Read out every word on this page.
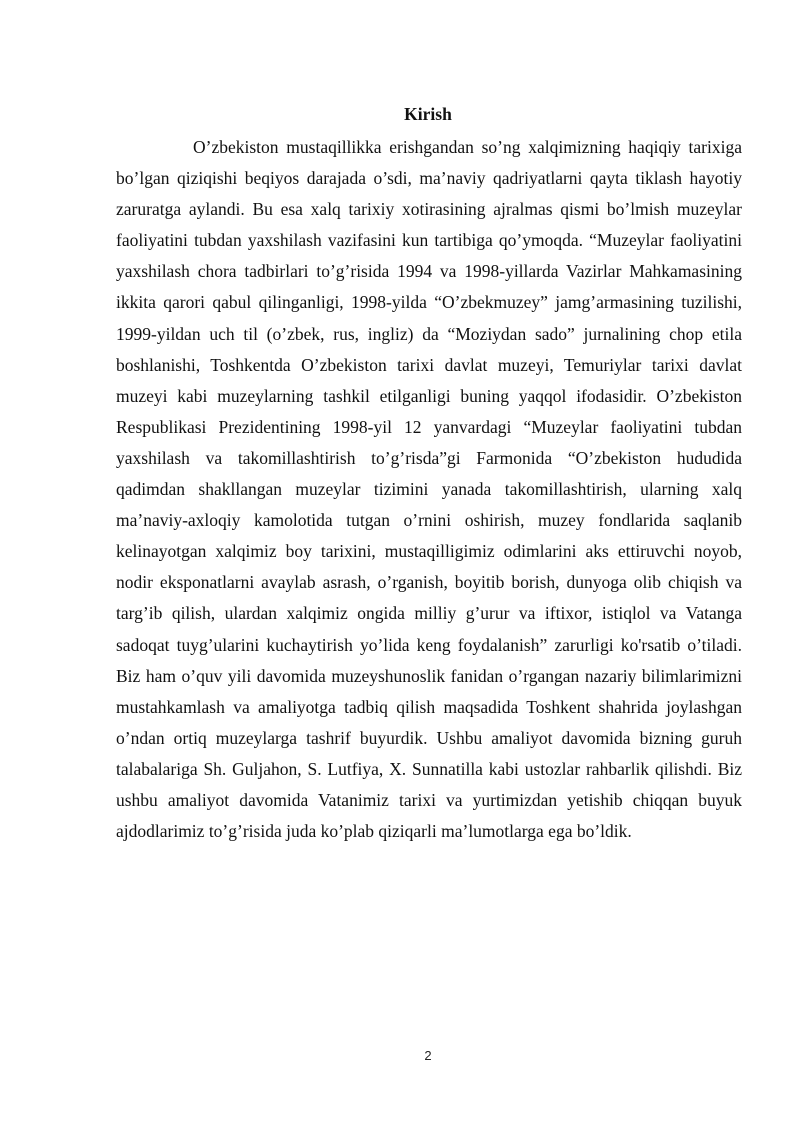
Kirish

O’zbekiston mustaqillikka erishgandan so’ng xalqimizning haqiqiy tarixiga bo’lgan qiziqishi beqiyos darajada o’sdi, ma’naviy qadriyatlarni qayta tiklash hayotiy zaruratga aylandi. Bu esa xalq tarixiy xotirasining ajralmas qismi bo’lmish muzeylar faoliyatini tubdan yaxshilash vazifasini kun tartibiga qo’ymoqda. “Muzeylar faoliyatini yaxshilash chora tadbirlari to’g’risida 1994 va 1998-yillarda Vazirlar Mahkamasining ikkita qarori qabul qilinganligi, 1998-yilda “O’zbekmuzey” jamg’armasining tuzilishi, 1999-yildan uch til (o’zbek, rus, ingliz) da “Moziydan sado” jurnalining chop etila boshlanishi, Toshkentda O’zbekiston tarixi davlat muzeyi, Temuriylar tarixi davlat muzeyi kabi muzeylarning tashkil etilganligi buning yaqqol ifodasidir. O’zbekiston Respublikasi Prezidentining 1998-yil 12 yanvardagi “Muzeylar faoliyatini tubdan yaxshilash va takomillashtirish to’g’risda”gi Farmonida “O’zbekiston hududida qadimdan shakllangan muzeylar tizimini yanada takomillashtirish, ularning xalq ma’naviy-axloqiy kamolotida tutgan o’rnini oshirish, muzey fondlarida saqlanib kelinayotgan xalqimiz boy tarixini, mustaqilligimiz odimlarini aks ettiruvchi noyob, nodir eksponatlarni avaylab asrash, o’rganish, boyitib borish, dunyoga olib chiqish va targ’ib qilish, ulardan xalqimiz ongida milliy g’urur va iftixor, istiqlol va Vatanga sadoqat tuyg’ularini kuchaytirish yo’lida keng foydalanish” zarurligi ko'rsatib o’tiladi. Biz ham o’quv yili davomida muzeyshunoslik fanidan o’rgangan nazariy bilimlarimizni mustahkamlash va amaliyotga tadbiq qilish maqsadida Toshkent shahrida joylashgan o’ndan ortiq muzeylarga tashrif buyurdik. Ushbu amaliyot davomida bizning guruh talabalariga Sh. Guljahon, S. Lutfiya, X. Sunnatilla kabi ustozlar rahbarlik qilishdi. Biz ushbu amaliyot davomida Vatanimiz tarixi va yurtimizdan yetishib chiqqan buyuk ajdodlarimiz to’g’risida juda ko’plab qiziqarli ma’lumotlarga ega bo’ldik.

2
